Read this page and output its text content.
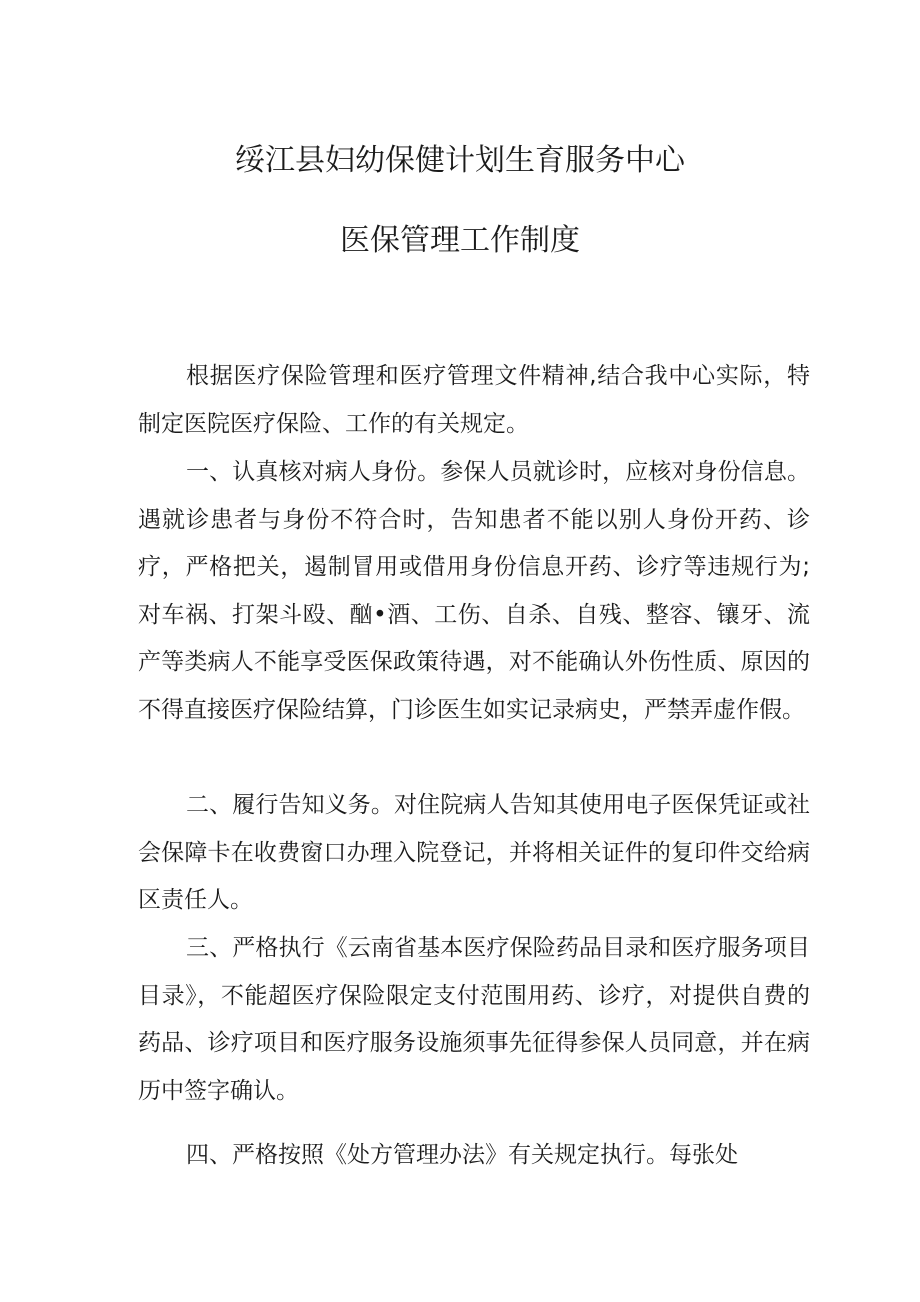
绥江县妇幼保健计划生育服务中心
医保管理工作制度

根据医疗保险管理和医疗管理文件精神,结合我中心实际，特制定医院医疗保险、工作的有关规定。

一、认真核对病人身份。参保人员就诊时，应核对身份信息。遇就诊患者与身份不符合时，告知患者不能以别人身份开药、诊疗，严格把关，遏制冒用或借用身份信息开药、诊疗等违规行为;对车祸、打架斗殴、酗•酒、工伤、自杀、自残、整容、镶牙、流产等类病人不能享受医保政策待遇，对不能确认外伤性质、原因的不得直接医疗保险结算，门诊医生如实记录病史，严禁弄虚作假。

二、履行告知义务。对住院病人告知其使用电子医保凭证或社会保障卡在收费窗口办理入院登记，并将相关证件的复印件交给病区责任人。

三、严格执行《云南省基本医疗保险药品目录和医疗服务项目目录》，不能超医疗保险限定支付范围用药、诊疗，对提供自费的药品、诊疗项目和医疗服务设施须事先征得参保人员同意，并在病历中签字确认。

四、严格按照《处方管理办法》有关规定执行。每张处
